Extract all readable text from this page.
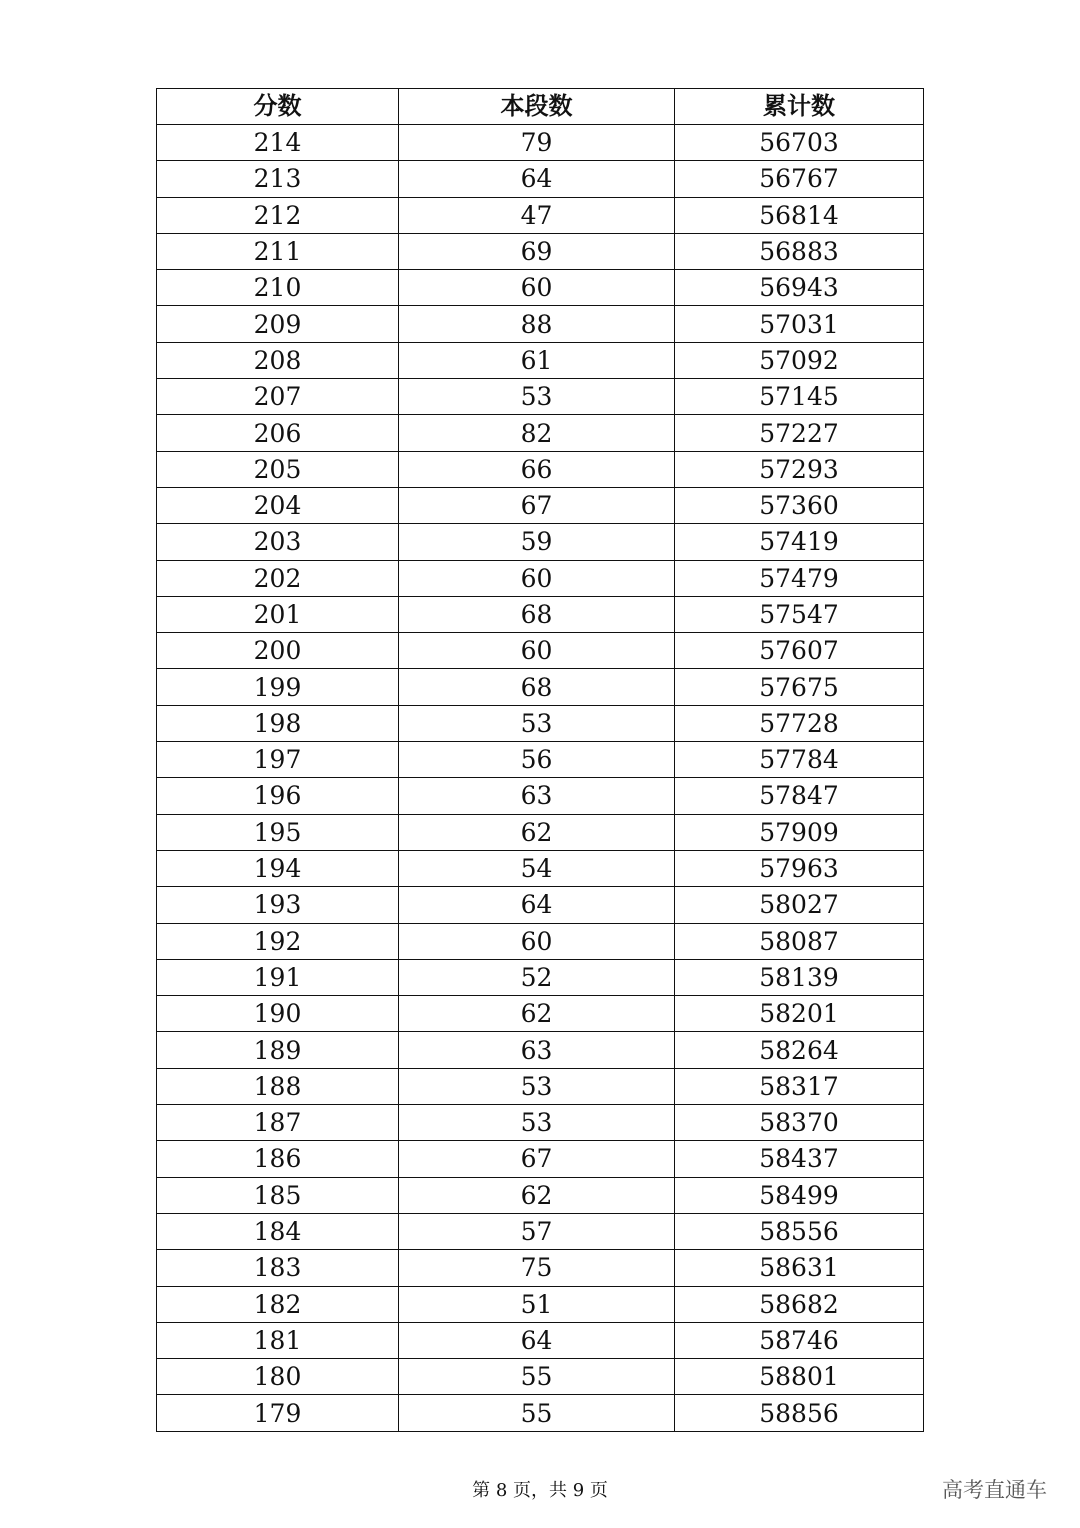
分数	本段数	累计数
214	79	56703
213	64	56767
212	47	56814
211	69	56883
210	60	56943
209	88	57031
208	61	57092
207	53	57145
206	82	57227
205	66	57293
204	67	57360
203	59	57419
202	60	57479
201	68	57547
200	60	57607
199	68	57675
198	53	57728
197	56	57784
196	63	57847
195	62	57909
194	54	57963
193	64	58027
192	60	58087
191	52	58139
190	62	58201
189	63	58264
188	53	58317
187	53	58370
186	67	58437
185	62	58499
184	57	58556
183	75	58631
182	51	58682
181	64	58746
180	55	58801
179	55	58856
第 8 页，共 9 页	高考直通车
